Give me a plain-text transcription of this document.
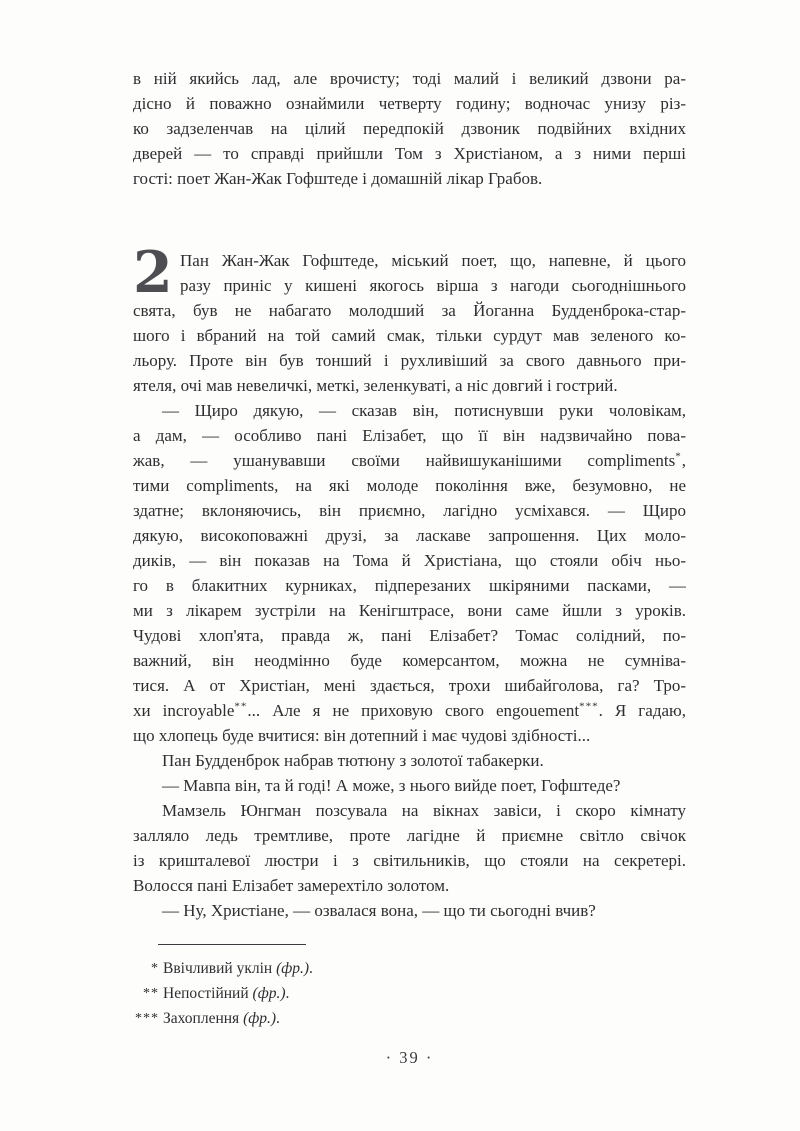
в ній якийсь лад, але врочисту; тоді малий і великий дзвони ра-
дісно й поважно ознаймили четверту годину; водночас унизу різ-
ко задзеленчав на цілий передпокій дзвоник подвійних вхідних
дверей — то справді прийшли Том з Христіаном, а з ними перші
гості: поет Жан-Жак Гофштеде і домашній лікар Грабов.
2 Пан Жан-Жак Гофштеде, міський поет, що, напевне, й цього
разу приніс у кишені якогось вірша з нагоди сьогоднішнього
свята, був не набагато молодший за Йоганна Будденброка-стар-
шого і вбраний на той самий смак, тільки сурдут мав зеленого ко-
льору. Проте він був тонший і рухливіший за свого давнього при-
ятеля, очі мав невеличкі, меткі, зеленкуваті, а ніс довгий і гострий.
— Щиро дякую, — сказав він, потиснувши руки чоловікам,
а дам, — особливо пані Елізабет, що її він надзвичайно пова-
жав, — ушанувавши своїми найвишуканішими compliments*,
тими compliments, на які молоде покоління вже, безумовно, не
здатне; вклоняючись, він приємно, лагідно усміхався. — Щиро
дякую, високоповажні друзі, за ласкаве запрошення. Цих моло-
диків, — він показав на Тома й Христіана, що стояли обіч ньо-
го в блакитних курниках, підперезаних шкіряними пасками, —
ми з лікарем зустріли на Кенігштрасе, вони саме йшли з уроків.
Чудові хлоп'ята, правда ж, пані Елізабет? Томас солідний, по-
важний, він неодмінно буде комерсантом, можна не сумніва-
тися. А от Христіан, мені здається, трохи шибайголова, га? Тро-
хи incroyable**... Але я не приховую свого engouement***. Я гадаю,
що хлопець буде вчитися: він дотепний і має чудові здібності...
Пан Будденброк набрав тютюну з золотої табакерки.
— Мавпа він, та й годі! А може, з нього вийде поет, Гофштеде?
Мамзель Юнгман позсувала на вікнах завіси, і скоро кімнату
залляло ледь тремтливе, проте лагідне й приємне світло свічок
із кришталевої люстри і з світильників, що стояли на секретері.
Волосся пані Елізабет замерехтіло золотом.
— Ну, Христіане, — озвалася вона, — що ти сьогодні вчив?
* Ввічливий уклін (фр.).
** Непостійний (фр.).
*** Захоплення (фр.).
· 39 ·
